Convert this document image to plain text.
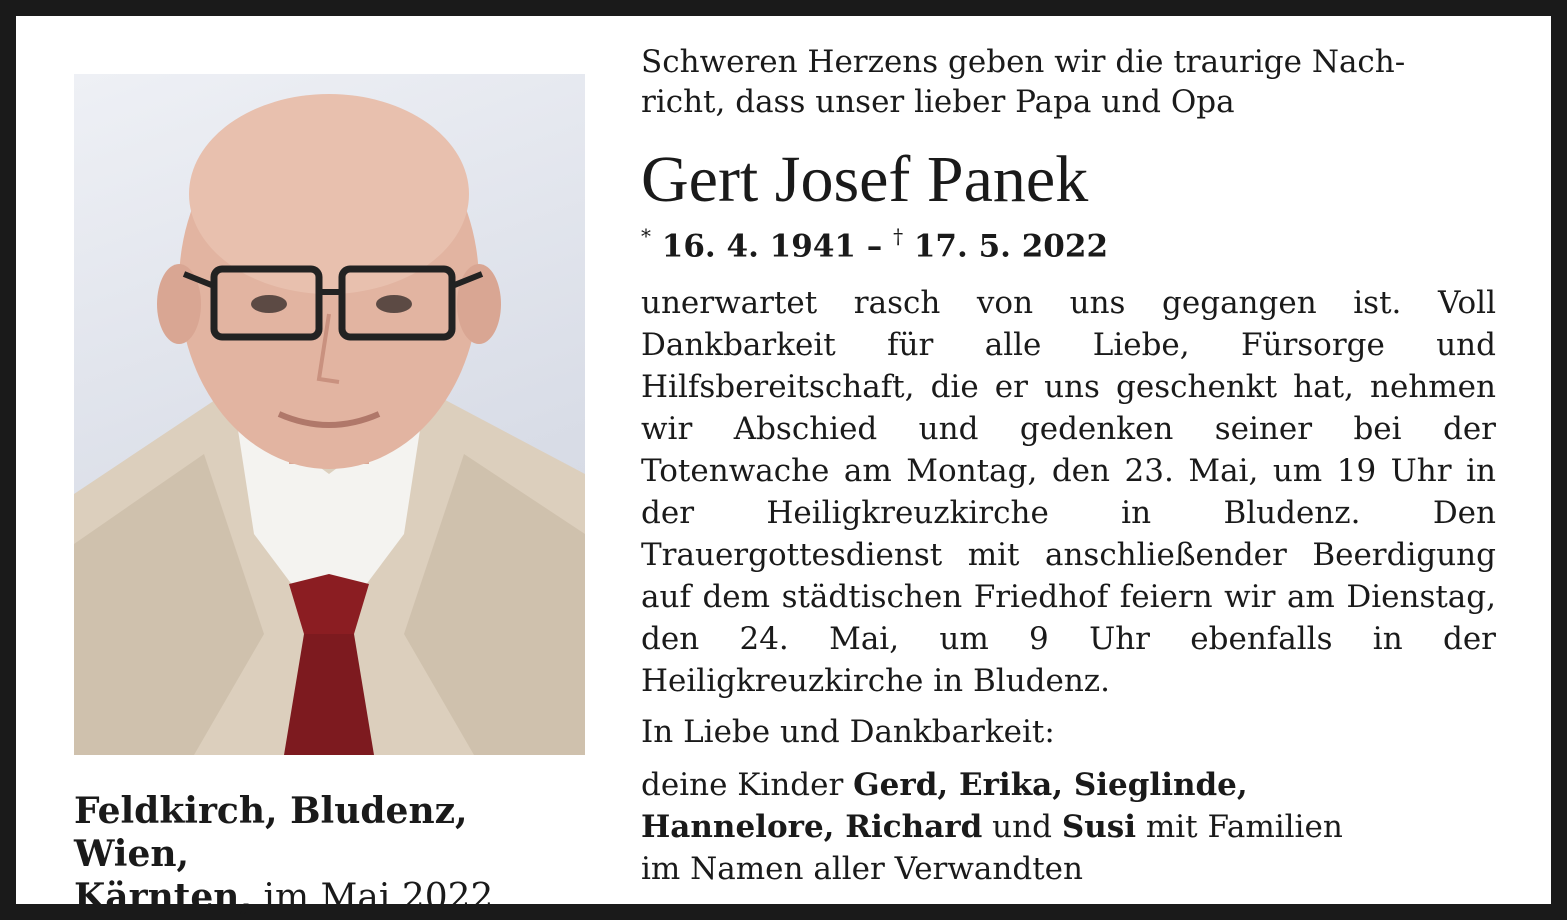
Feldkirch, Bludenz, Wien,
Kärnten, im Mai 2022
Schweren Herzens geben wir die traurige Nach-
richt, dass unser lieber Papa und Opa
Gert Josef Panek
* 16. 4. 1941 – † 17. 5. 2022

unerwartet rasch von uns gegangen ist. Voll Dankbarkeit für alle Liebe, Fürsorge und Hilfsbereitschaft, die er uns geschenkt hat, nehmen wir Abschied und gedenken seiner bei der Totenwache am Montag, den 23. Mai, um 19 Uhr in der Heiligkreuzkirche in Bludenz. Den Trauergottesdienst mit anschließender Beerdigung auf dem städtischen Friedhof feiern wir am Dienstag, den 24. Mai, um 9 Uhr ebenfalls in der Heiligkreuzkirche in Bludenz.

In Liebe und Dankbarkeit:
deine Kinder Gerd, Erika, Sieglinde,
Hannelore, Richard und Susi mit Familien
im Namen aller Verwandten
